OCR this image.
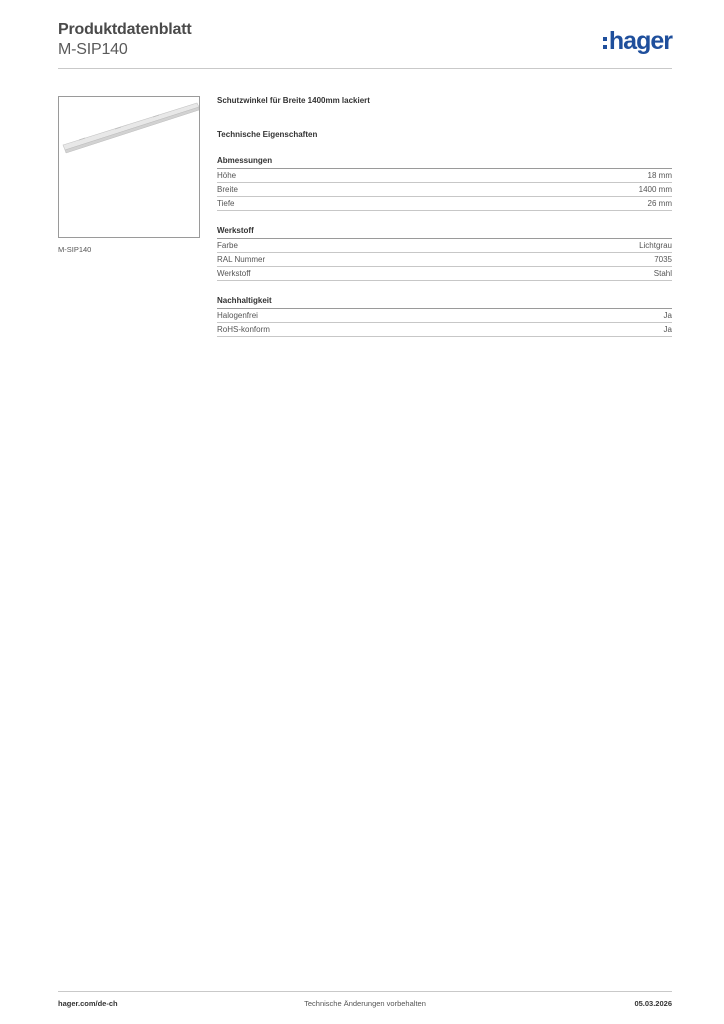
Produktdatenblatt
M-SIP140	hager
M-SIP140
Schutzwinkel für Breite 1400mm lackiert
Technische Eigenschaften
Abmessungen
Höhe	18 mm
Breite	1400 mm
Tiefe	26 mm
Werkstoff
Farbe	Lichtgrau
RAL Nummer	7035
Werkstoff	Stahl
Nachhaltigkeit
Halogenfrei	Ja
RoHS-konform	Ja
hager.com/de-ch	Technische Änderungen vorbehalten	05.03.2026
